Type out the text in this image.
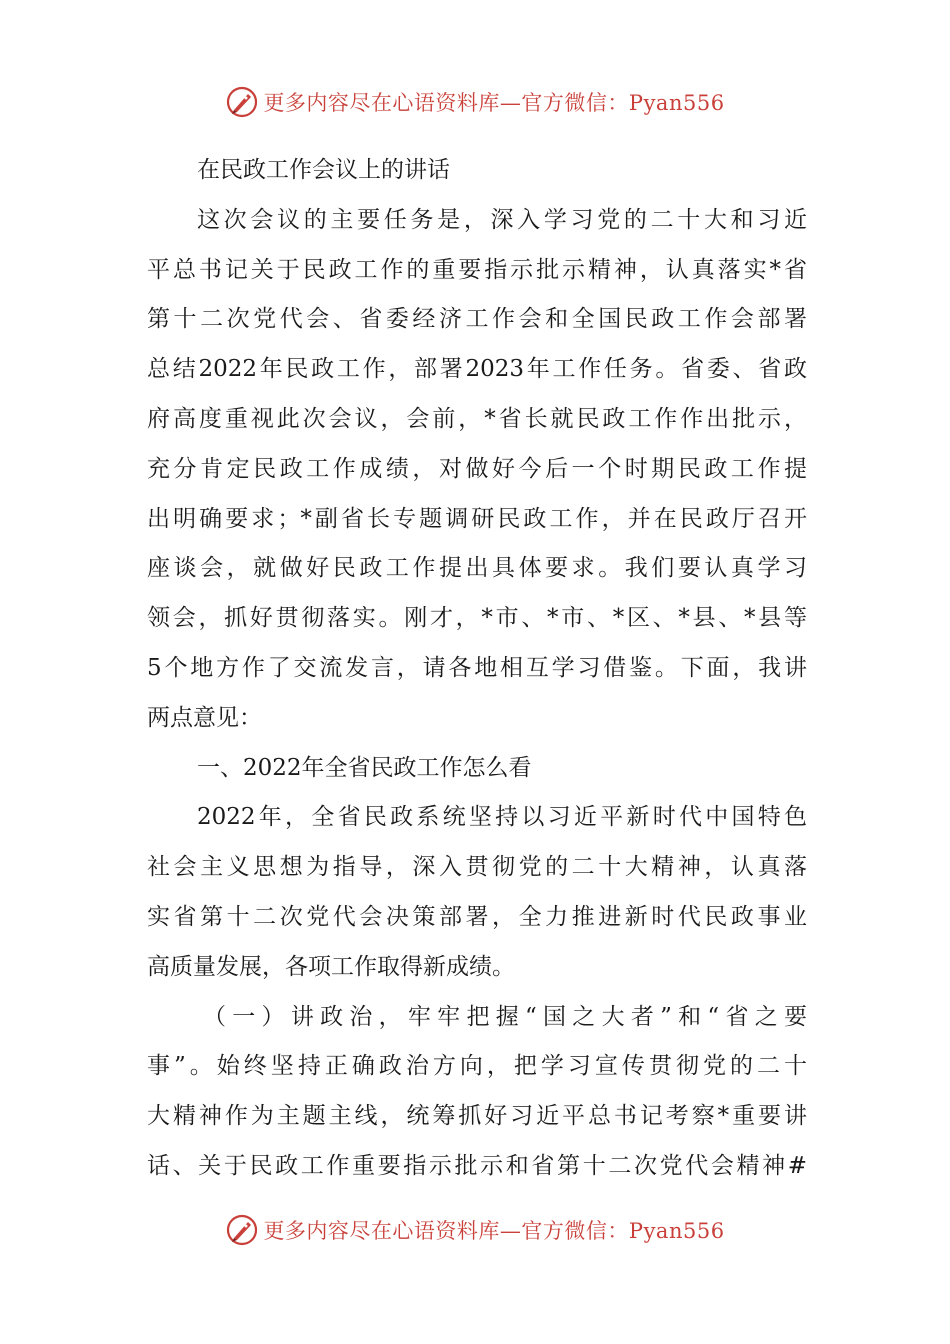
更多内容尽在心语资料库—官方微信：Pyan556
在民政工作会议上的讲话
这次会议的主要任务是，深入学习党的二十大和习近
平总书记关于民政工作的重要指示批示精神，认真落实*省
第十二次党代会、省委经济工作会和全国民政工作会部署
总结2022年民政工作，部署2023年工作任务。省委、省政
府高度重视此次会议，会前，*省长就民政工作作出批示，
充分肯定民政工作成绩，对做好今后一个时期民政工作提
出明确要求；*副省长专题调研民政工作，并在民政厅召开
座谈会，就做好民政工作提出具体要求。我们要认真学习
领会，抓好贯彻落实。刚才，*市、*市、*区、*县、*县等
5个地方作了交流发言，请各地相互学习借鉴。下面，我讲
两点意见：
一、2022年全省民政工作怎么看
2022年，全省民政系统坚持以习近平新时代中国特色
社会主义思想为指导，深入贯彻党的二十大精神，认真落
实省第十二次党代会决策部署，全力推进新时代民政事业
高质量发展，各项工作取得新成绩。
（一）讲政治，牢牢把握“国之大者”和“省之要
事”。始终坚持正确政治方向，把学习宣传贯彻党的二十
大精神作为主题主线，统筹抓好习近平总书记考察*重要讲
话、关于民政工作重要指示批示和省第十二次党代会精神#
更多内容尽在心语资料库—官方微信：Pyan556
